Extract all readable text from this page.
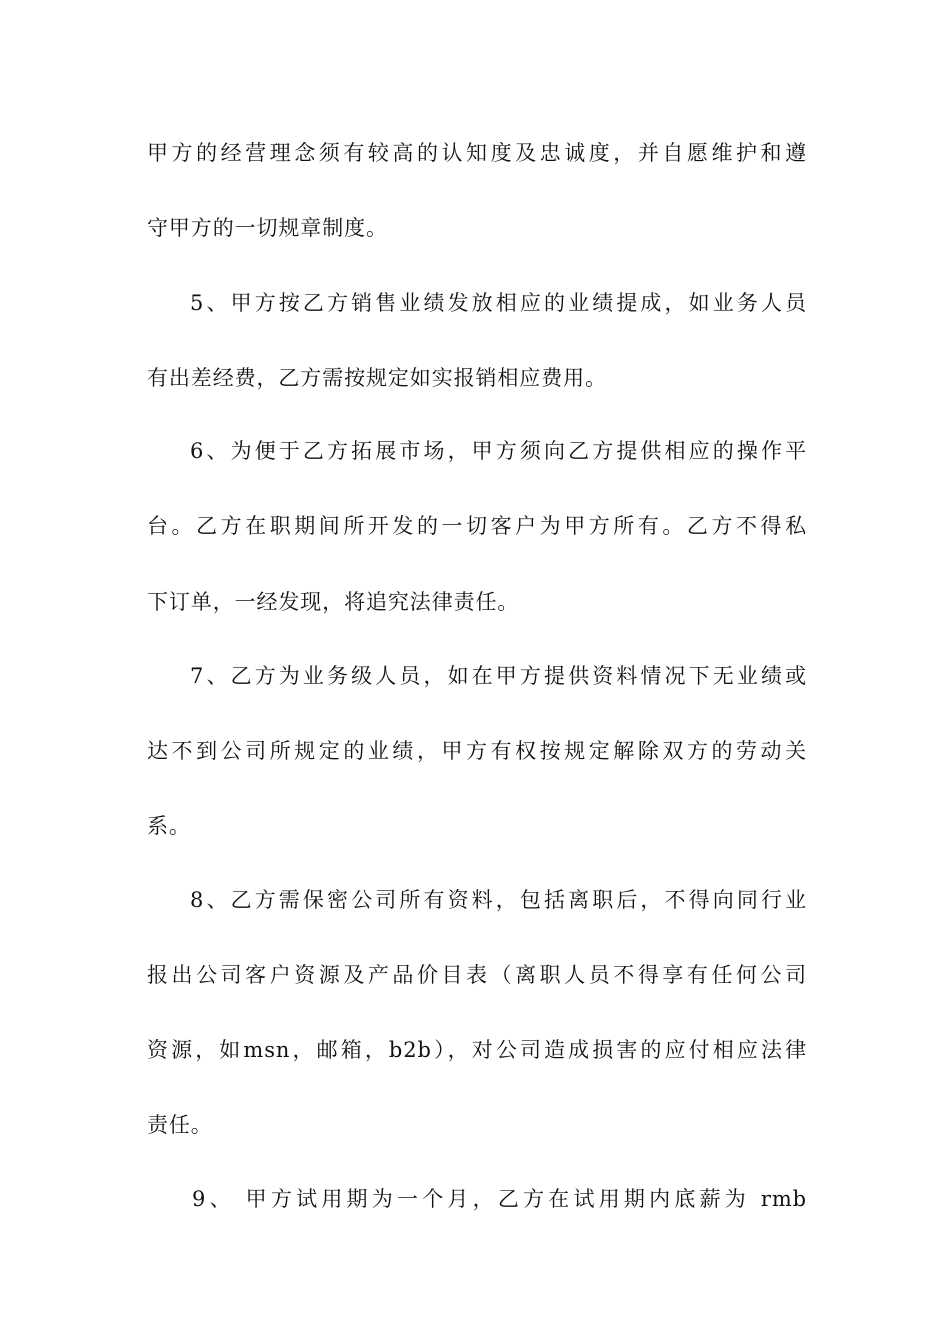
甲方的经营理念须有较高的认知度及忠诚度，并自愿维护和遵
守甲方的一切规章制度。
5、甲方按乙方销售业绩发放相应的业绩提成，如业务人员
有出差经费，乙方需按规定如实报销相应费用。
6、为便于乙方拓展市场，甲方须向乙方提供相应的操作平
台。乙方在职期间所开发的一切客户为甲方所有。乙方不得私
下订单，一经发现，将追究法律责任。
7、乙方为业务级人员，如在甲方提供资料情况下无业绩或
达不到公司所规定的业绩，甲方有权按规定解除双方的劳动关
系。
8、乙方需保密公司所有资料，包括离职后，不得向同行业
报出公司客户资源及产品价目表（离职人员不得享有任何公司
资源，如msn，邮箱，b2b），对公司造成损害的应付相应法律
责任。
9、 甲方试用期为一个月，乙方在试用期内底薪为 rmb
